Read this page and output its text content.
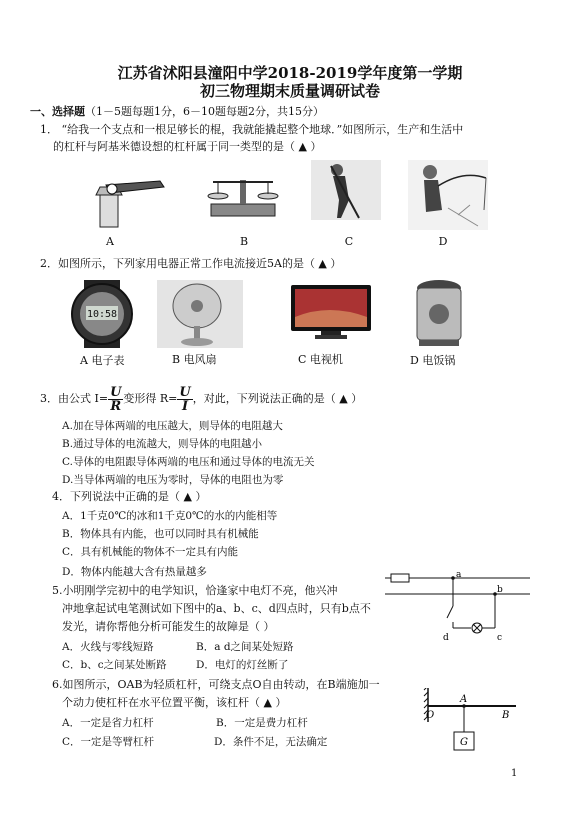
江苏省沭阳县潼阳中学2018-2019学年度第一学期
初三物理期末质量调研试卷
一、选择题（1－5题每题1分，6－10题每题2分，共15分）
1． “给我一个支点和一根足够长的棍，我就能撬起整个地球．”如图所示，生产和生活中
的杠杆与阿基米德设想的杠杆属于同一类型的是（ ▲ ）
A	B	C	D
2．如图所示，下列家用电器正常工作电流接近5A的是（ ▲ ）
10:58
A 电子表	B 电风扇	C 电视机	D 电饭锅
3．由公式 $I= \frac{U}{R}$ 变形得 $R= \frac{U}{I}$ ，对此，下列说法正确的是（ ▲ ）
A.加在导体两端的电压越大，则导体的电阻越大
B.通过导体的电流越大，则导体的电阻越小
C.导体的电阻跟导体两端的电压和通过导体的电流无关
D.当导体两端的电压为零时，导体的电阻也为零
4．下列说法中正确的是（ ▲ ）
A．1千克0℃的冰和1千克0℃的水的内能相等
B．物体具有内能，也可以同时具有机械能
C．具有机械能的物体不一定具有内能
D．物体内能越大含有热量越多
5.小明刚学完初中的电学知识，恰逢家中电灯不亮，他兴冲
冲地拿起试电笔测试如下图中的a、b、c、d四点时，只有b点不
发光，请你帮他分析可能发生的故障是（ ）
A．火线与零线短路	B．a d之间某处短路
C．b、c之间某处断路	D．电灯的灯丝断了
a
b
c
d
6.如图所示，OAB为轻质杠杆，可绕支点O自由转动，在B端施加一
个动力使杠杆在水平位置平衡，该杠杆（ ▲ ）
A．一定是省力杠杆	B．一定是费力杠杆
C．一定是等臂杠杆	D．条件不足，无法确定
O
A
B
G
1
